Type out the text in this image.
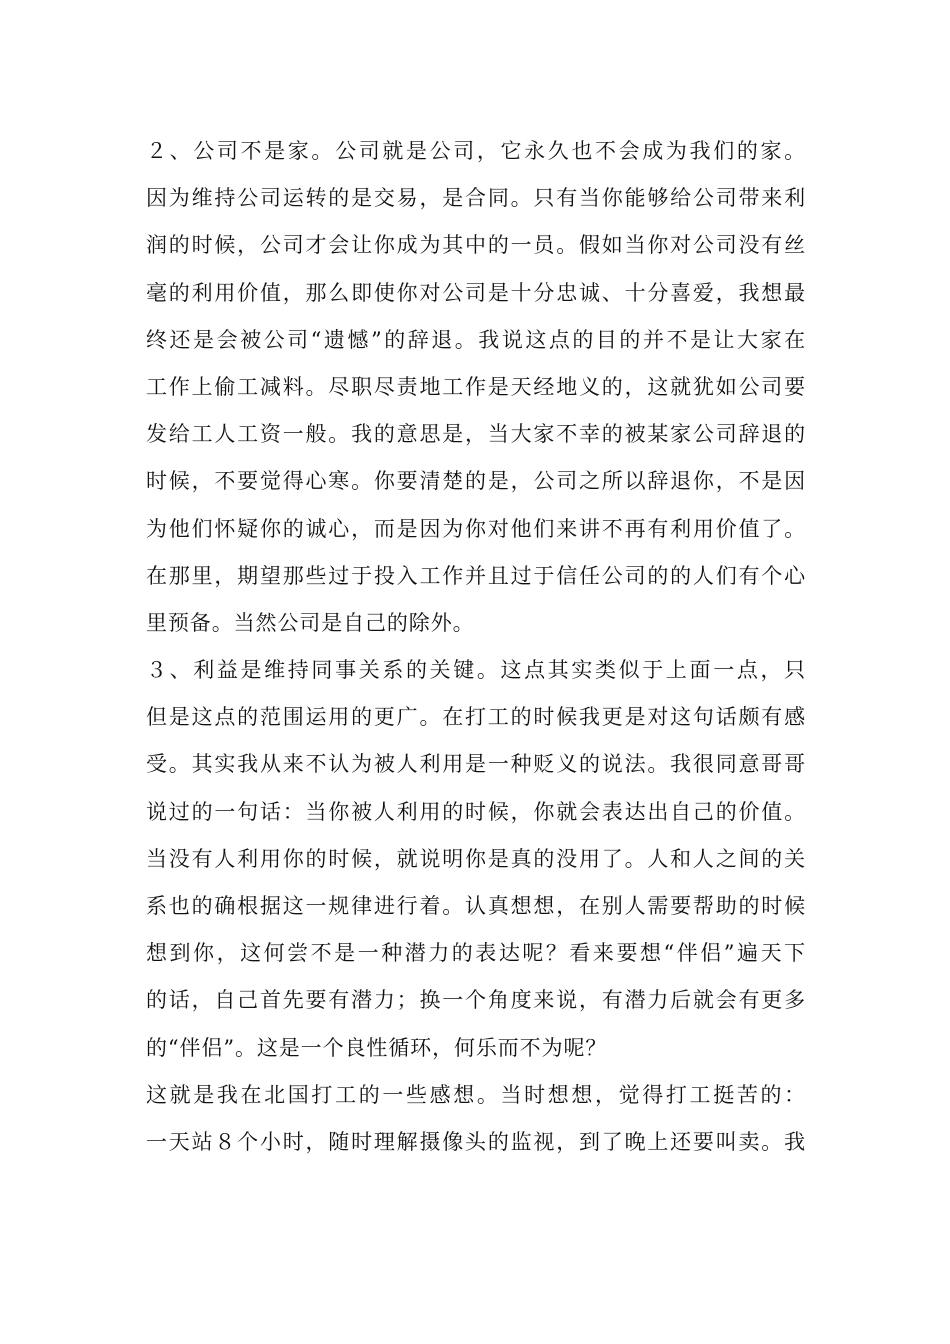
２、公司不是家。公司就是公司，它永久也不会成为我们的家。
因为维持公司运转的是交易，是合同。只有当你能够给公司带来利
润的时候，公司才会让你成为其中的一员。假如当你对公司没有丝
毫的利用价值，那么即使你对公司是十分忠诚、十分喜爱，我想最
终还是会被公司“遗憾”的辞退。我说这点的目的并不是让大家在
工作上偷工减料。尽职尽责地工作是天经地义的，这就犹如公司要
发给工人工资一般。我的意思是，当大家不幸的被某家公司辞退的
时候，不要觉得心寒。你要清楚的是，公司之所以辞退你，不是因
为他们怀疑你的诚心，而是因为你对他们来讲不再有利用价值了。
在那里，期望那些过于投入工作并且过于信任公司的的人们有个心
里预备。当然公司是自己的除外。
３、利益是维持同事关系的关键。这点其实类似于上面一点，只
但是这点的范围运用的更广。在打工的时候我更是对这句话颇有感
受。其实我从来不认为被人利用是一种贬义的说法。我很同意哥哥
说过的一句话：当你被人利用的时候，你就会表达出自己的价值。
当没有人利用你的时候，就说明你是真的没用了。人和人之间的关
系也的确根据这一规律进行着。认真想想，在别人需要帮助的时候
想到你，这何尝不是一种潜力的表达呢？看来要想“伴侣”遍天下
的话，自己首先要有潜力；换一个角度来说，有潜力后就会有更多
的“伴侣”。这是一个良性循环，何乐而不为呢？
这就是我在北国打工的一些感想。当时想想，觉得打工挺苦的：
一天站８个小时，随时理解摄像头的监视，到了晚上还要叫卖。我
